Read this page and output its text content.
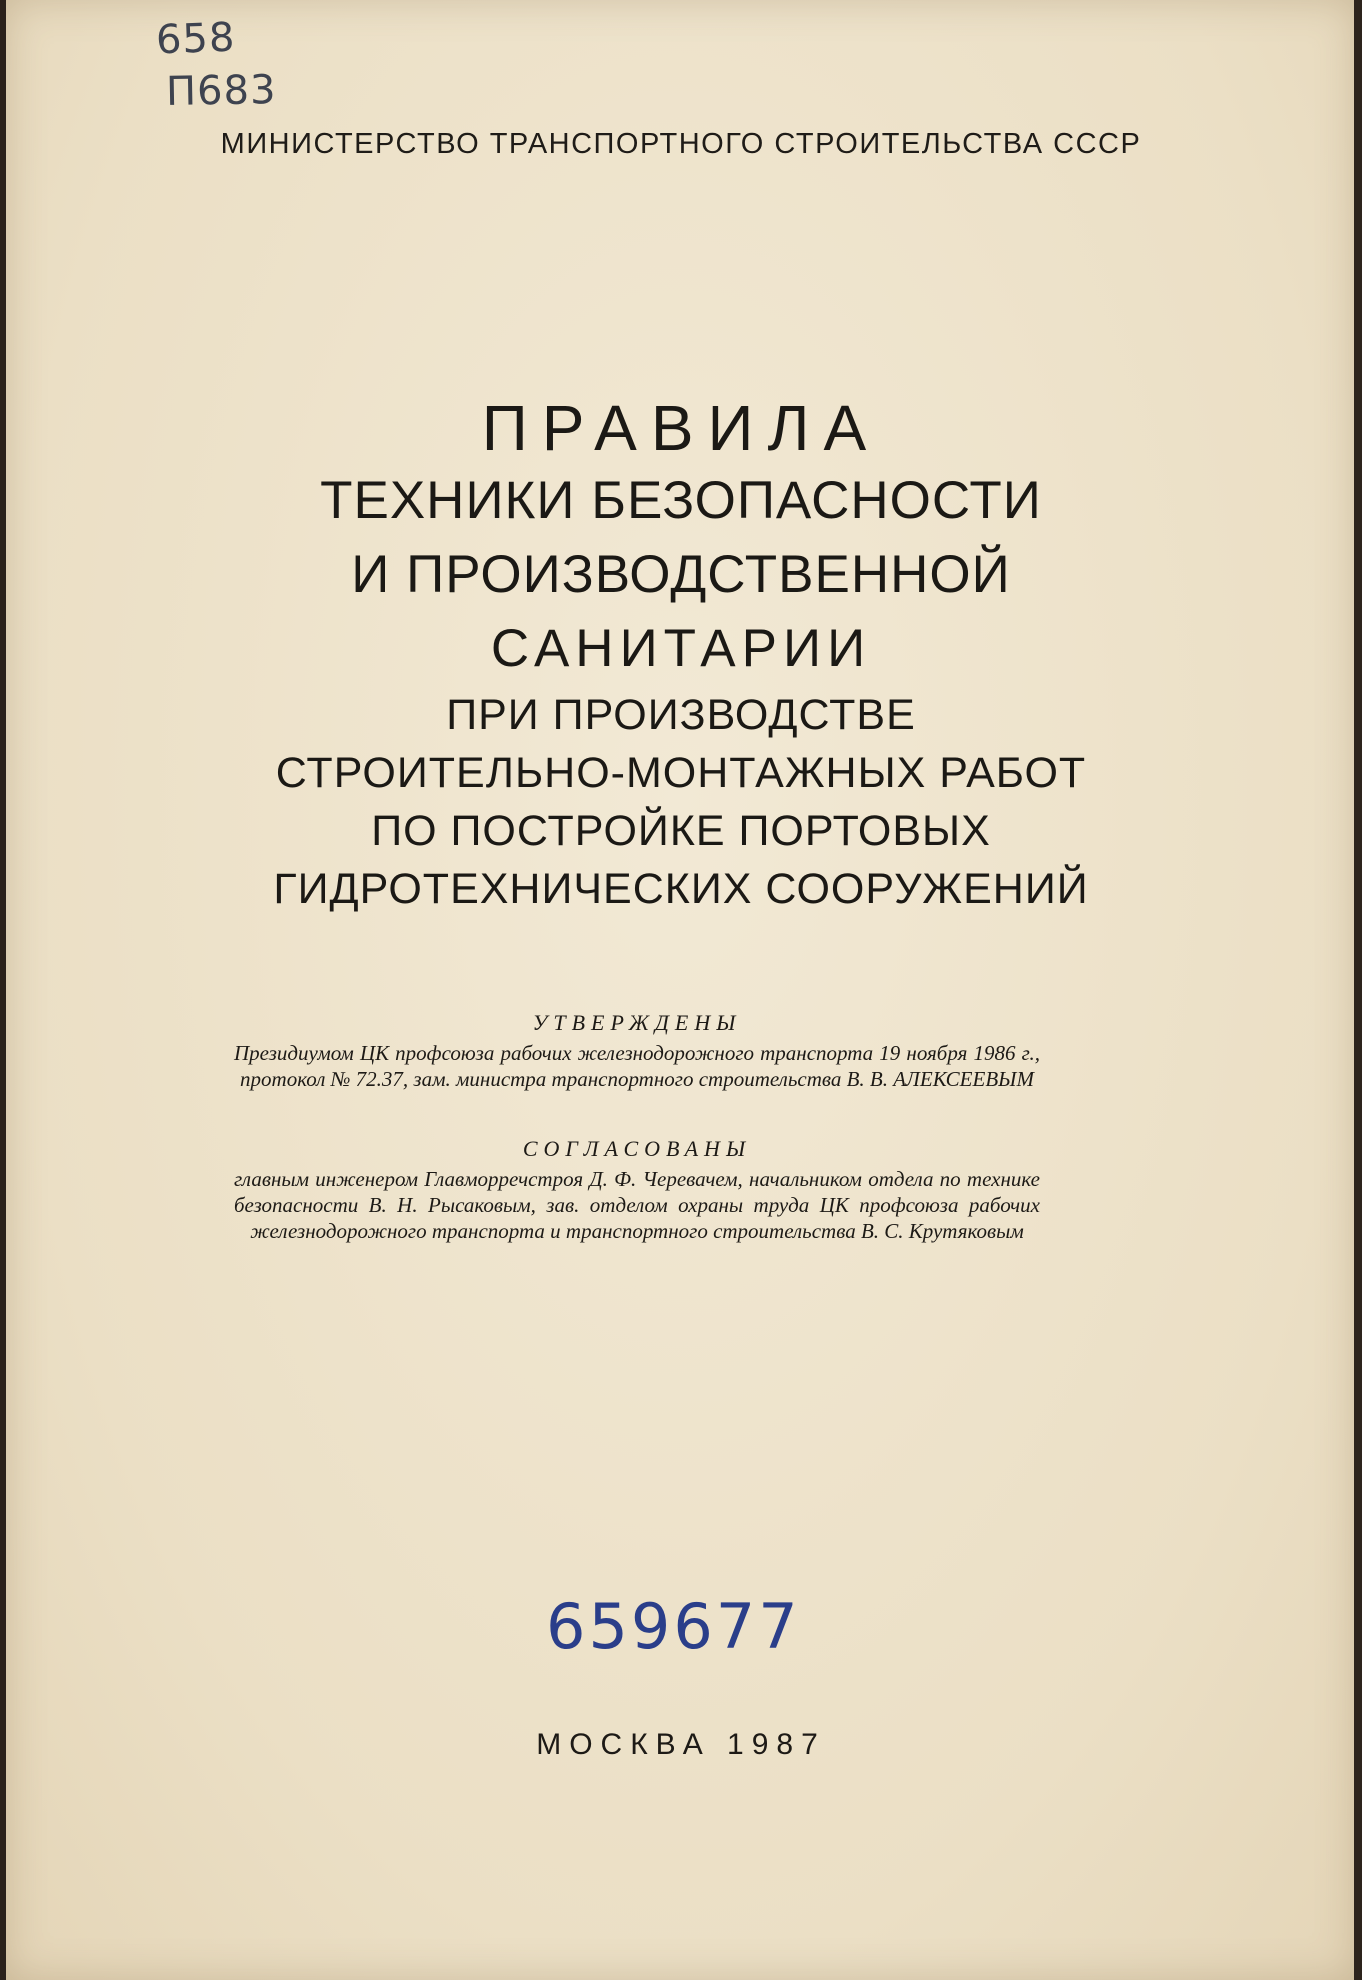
658
П683
МИНИСТЕРСТВО ТРАНСПОРТНОГО СТРОИТЕЛЬСТВА СССР

ПРАВИЛА

ТЕХНИКИ БЕЗОПАСНОСТИ

И ПРОИЗВОДСТВЕННОЙ

САНИТАРИИ

ПРИ ПРОИЗВОДСТВЕ

СТРОИТЕЛЬНО-МОНТАЖНЫХ РАБОТ

ПО ПОСТРОЙКЕ ПОРТОВЫХ

ГИДРОТЕХНИЧЕСКИХ СООРУЖЕНИЙ

УТВЕРЖДЕНЫ

Президиумом ЦК профсоюза рабочих железнодорожного транспорта 19 ноября 1986 г., протокол № 72.37, зам. министра транспортного строительства В. В. АЛЕКСЕЕВЫМ

СОГЛАСОВАНЫ

главным инженером Главморречстроя Д. Ф. Черевачем, начальником отдела по технике безопасности В. Н. Рысаковым, зав. отделом охраны труда ЦК профсоюза рабочих железнодорожного транспорта и транспортного строительства В. С. Крутяковым

659677
МОСКВА 1987
